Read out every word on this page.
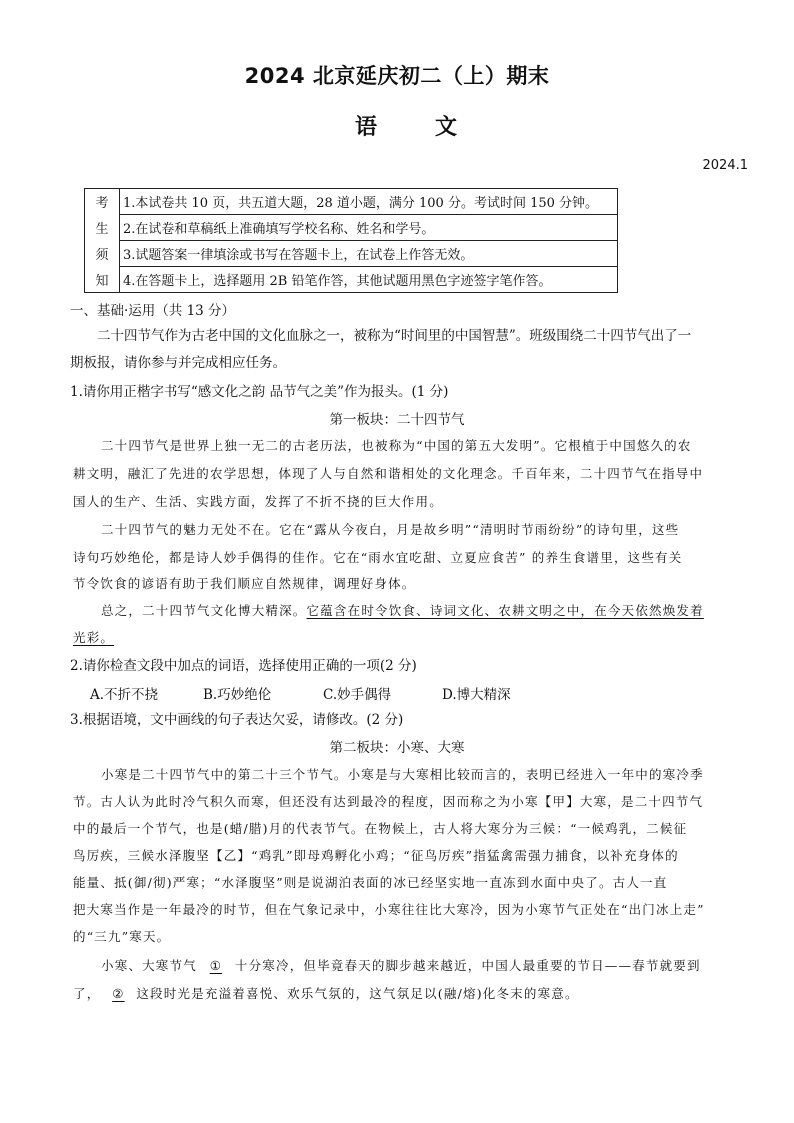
2024 北京延庆初二（上）期末
语　文
2024.1
考	1.本试卷共 10 页，共五道大题，28 道小题，满分 100 分。考试时间 150 分钟。
生	2.在试卷和草稿纸上准确填写学校名称、姓名和学号。
须	3.试题答案一律填涂或书写在答题卡上，在试卷上作答无效。
知	4.在答题卡上，选择题用 2B 铅笔作答，其他试题用黑色字迹签字笔作答。
一、基础·运用（共 13 分）
二十四节气作为古老中国的文化血脉之一，被称为“时间里的中国智慧”。班级围绕二十四节气出了一
期板报，请你参与并完成相应任务。
1.请你用正楷字书写“感文化之韵 品节气之美”作为报头。(1 分)
第一板块：二十四节气
二十四节气是世界上独一无二的古老历法，也被称为“中国的第五大发明”。它根植于中国悠久的农
耕文明，融汇了先进的农学思想，体现了人与自然和谐相处的文化理念。千百年来，二十四节气在指导中
国人的生产、生活、实践方面，发挥了不折不挠的巨大作用。
二十四节气的魅力无处不在。它在“露从今夜白，月是故乡明”“清明时节雨纷纷”的诗句里，这些
诗句巧妙绝伦，都是诗人妙手偶得的佳作。它在“雨水宜吃甜、立夏应食苦” 的养生食谱里，这些有关
节令饮食的谚语有助于我们顺应自然规律，调理好身体。
总之，二十四节气文化博大精深。它蕴含在时令饮食、诗词文化、农耕文明之中，在今天依然焕发着
光彩。
2.请你检查文段中加点的词语，选择使用正确的一项(2 分)
A.不折不挠	B.巧妙绝伦	C.妙手偶得	D.博大精深
3.根据语境，文中画线的句子表达欠妥，请修改。(2 分)
第二板块：小寒、大寒
小寒是二十四节气中的第二十三个节气。小寒是与大寒相比较而言的，表明已经进入一年中的寒冷季
节。古人认为此时冷气积久而寒，但还没有达到最冷的程度，因而称之为小寒【甲】大寒，是二十四节气
中的最后一个节气，也是(蜡/腊)月的代表节气。在物候上，古人将大寒分为三候：“一候鸡乳，二候征
鸟厉疾，三候水泽腹坚【乙】“鸡乳”即母鸡孵化小鸡；“征鸟厉疾”指猛禽需强力捕食，以补充身体的
能量、抵(御/彻)严寒；“水泽腹坚”则是说湖泊表面的冰已经坚实地一直冻到水面中央了。古人一直
把大寒当作是一年最冷的时节，但在气象记录中，小寒往往比大寒冷，因为小寒节气正处在“出门冰上走”
的“三九”寒天。
小寒、大寒节气 ① 十分寒冷，但毕竟春天的脚步越来越近，中国人最重要的节日——春节就要到
了， ② 这段时光是充溢着喜悦、欢乐气氛的，这气氛足以(融/熔)化冬末的寒意。
